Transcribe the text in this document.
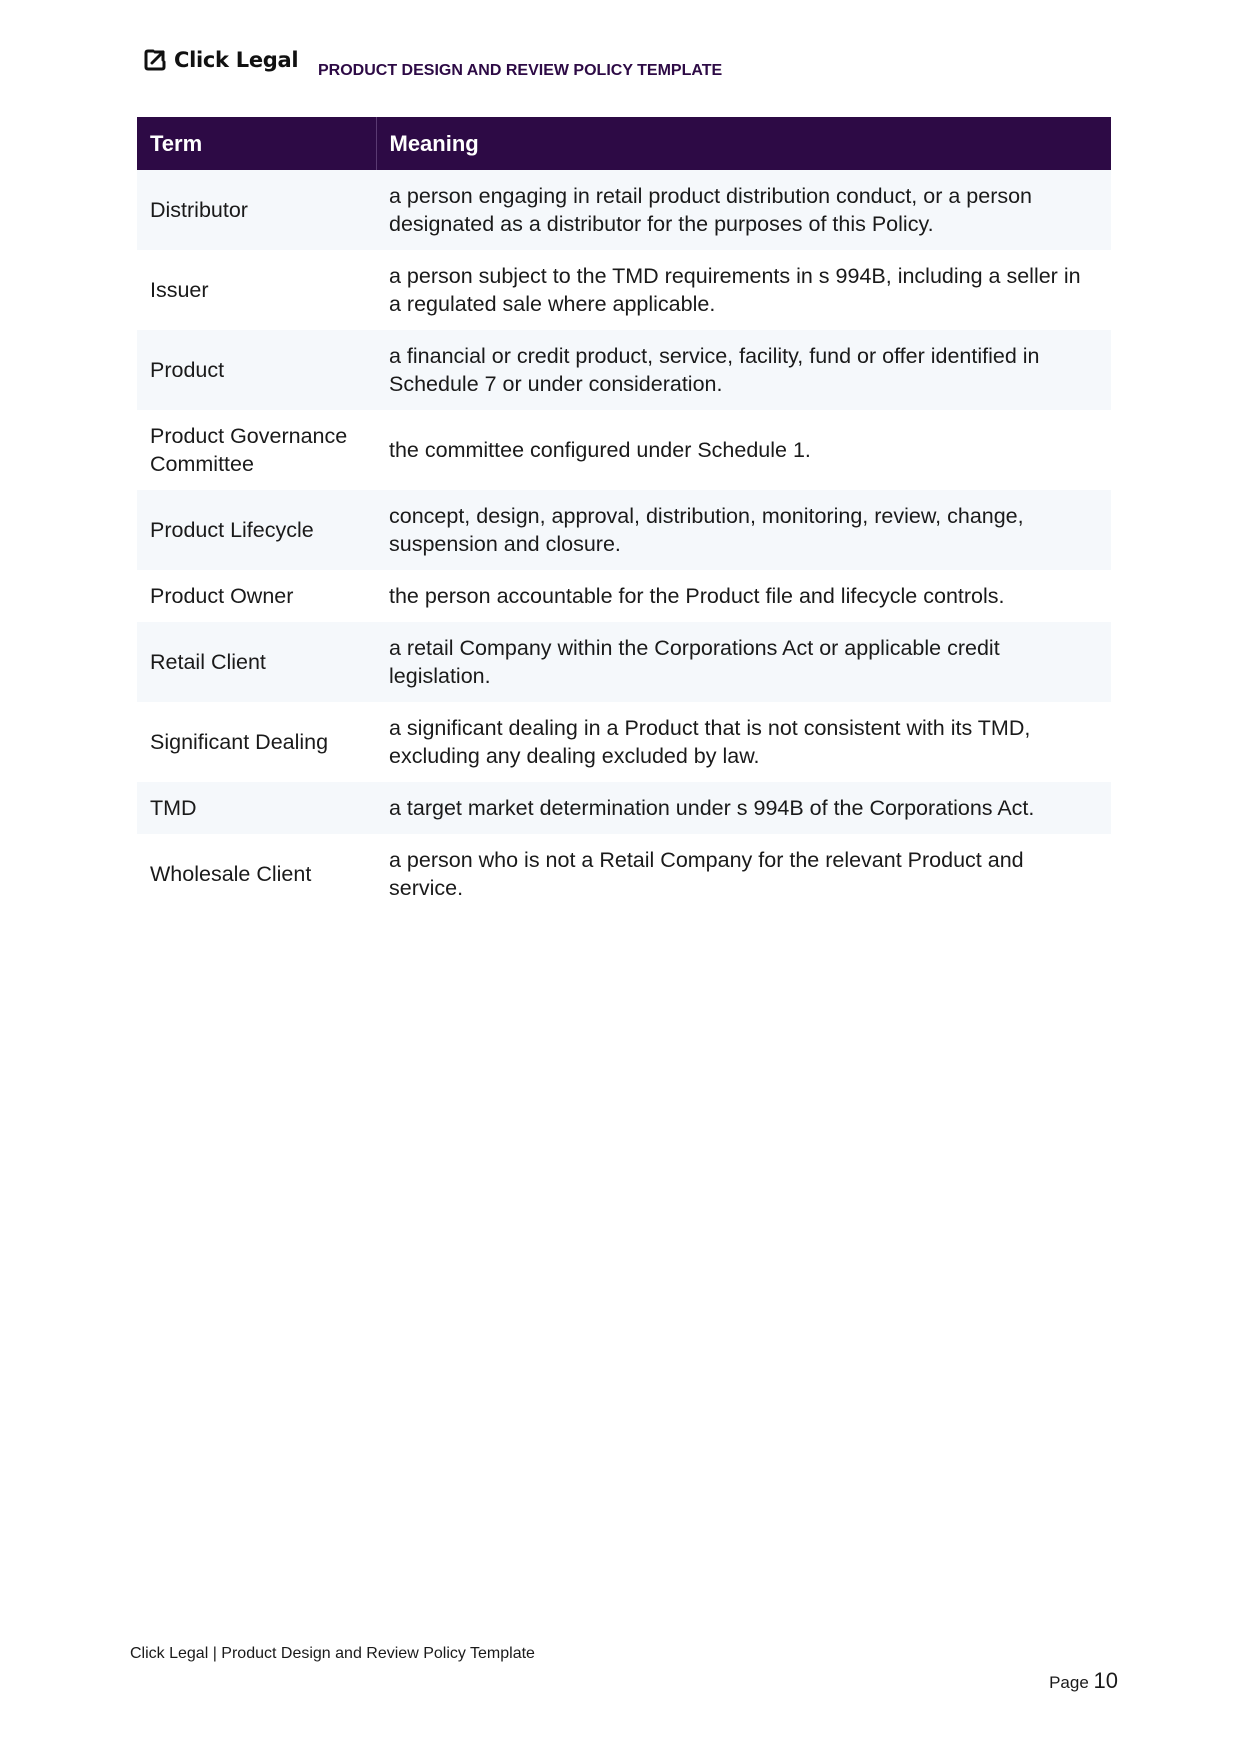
Click Legal PRODUCT DESIGN AND REVIEW POLICY TEMPLATE
Term	Meaning
Distributor	a person engaging in retail product distribution conduct, or a person designated as a distributor for the purposes of this Policy.
Issuer	a person subject to the TMD requirements in s 994B, including a seller in a regulated sale where applicable.
Product	a financial or credit product, service, facility, fund or offer identified in Schedule 7 or under consideration.
Product Governance Committee	the committee configured under Schedule 1.
Product Lifecycle	concept, design, approval, distribution, monitoring, review, change, suspension and closure.
Product Owner	the person accountable for the Product file and lifecycle controls.
Retail Client	a retail Company within the Corporations Act or applicable credit legislation.
Significant Dealing	a significant dealing in a Product that is not consistent with its TMD, excluding any dealing excluded by law.
TMD	a target market determination under s 994B of the Corporations Act.
Wholesale Client	a person who is not a Retail Company for the relevant Product and service.
Click Legal | Product Design and Review Policy Template
Page 10
